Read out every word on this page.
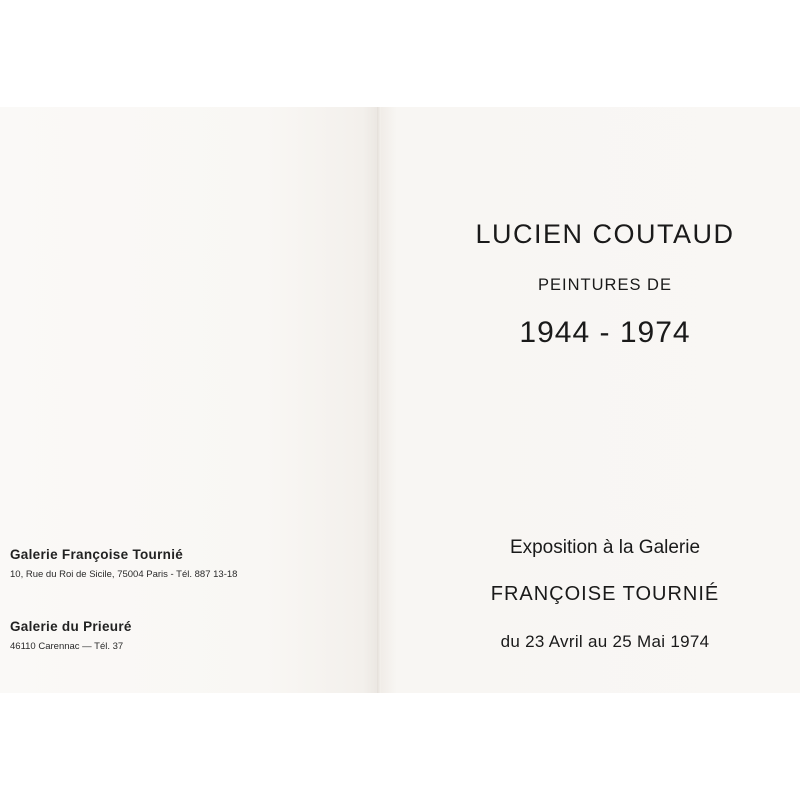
Galerie Françoise Tournié
10, Rue du Roi de Sicile, 75004 Paris - Tél. 887 13-18
Galerie du Prieuré
46110 Carennac — Tél. 37
LUCIEN COUTAUD
PEINTURES DE
1944 - 1974
Exposition à la Galerie
FRANÇOISE TOURNIÉ
du 23 Avril au 25 Mai 1974
